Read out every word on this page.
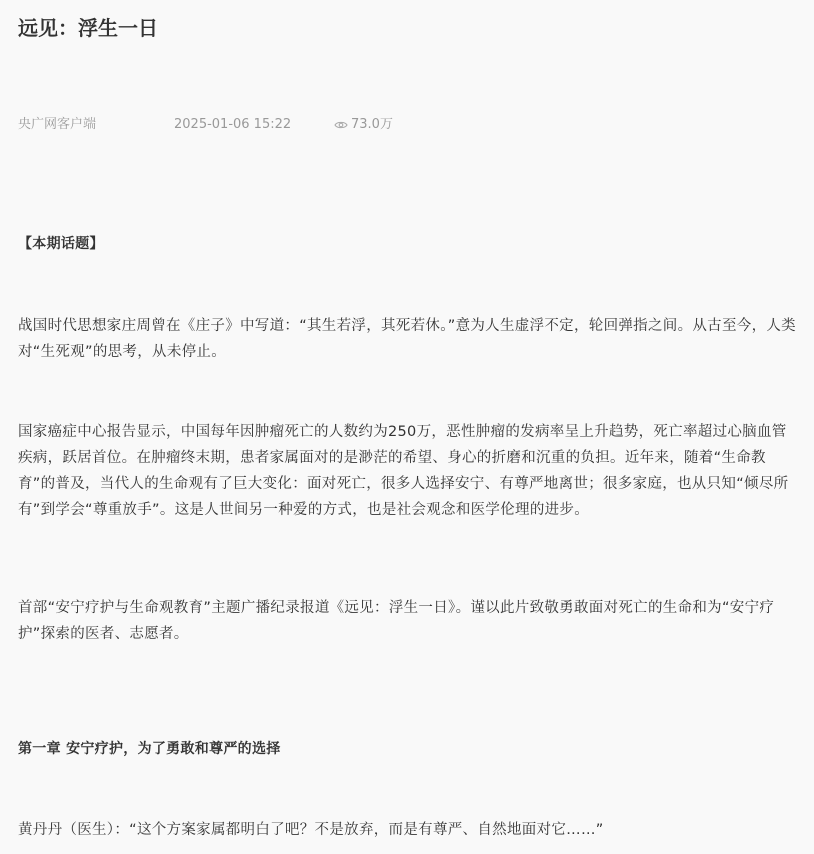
远见：浮生一日
央广网客户端	2025-01-06 15:22	73.0万

【本期话题】

战国时代思想家庄周曾在《庄子》中写道：“其生若浮，其死若休。”意为人生虚浮不定，轮回弹指之间。从古至今，人类对“生死观”的思考，从未停止。

国家癌症中心报告显示，中国每年因肿瘤死亡的人数约为250万，恶性肿瘤的发病率呈上升趋势，死亡率超过心脑血管疾病，跃居首位。在肿瘤终末期，患者家属面对的是渺茫的希望、身心的折磨和沉重的负担。近年来，随着“生命教育”的普及，当代人的生命观有了巨大变化：面对死亡，很多人选择安宁、有尊严地离世；很多家庭，也从只知“倾尽所有”到学会“尊重放手”。这是人世间另一种爱的方式，也是社会观念和医学伦理的进步。

首部“安宁疗护与生命观教育”主题广播纪录报道《远见：浮生一日》。谨以此片致敬勇敢面对死亡的生命和为“安宁疗护”探索的医者、志愿者。

第一章 安宁疗护，为了勇敢和尊严的选择

黄丹丹（医生）：“这个方案家属都明白了吧？不是放弃，而是有尊严、自然地面对它……”
